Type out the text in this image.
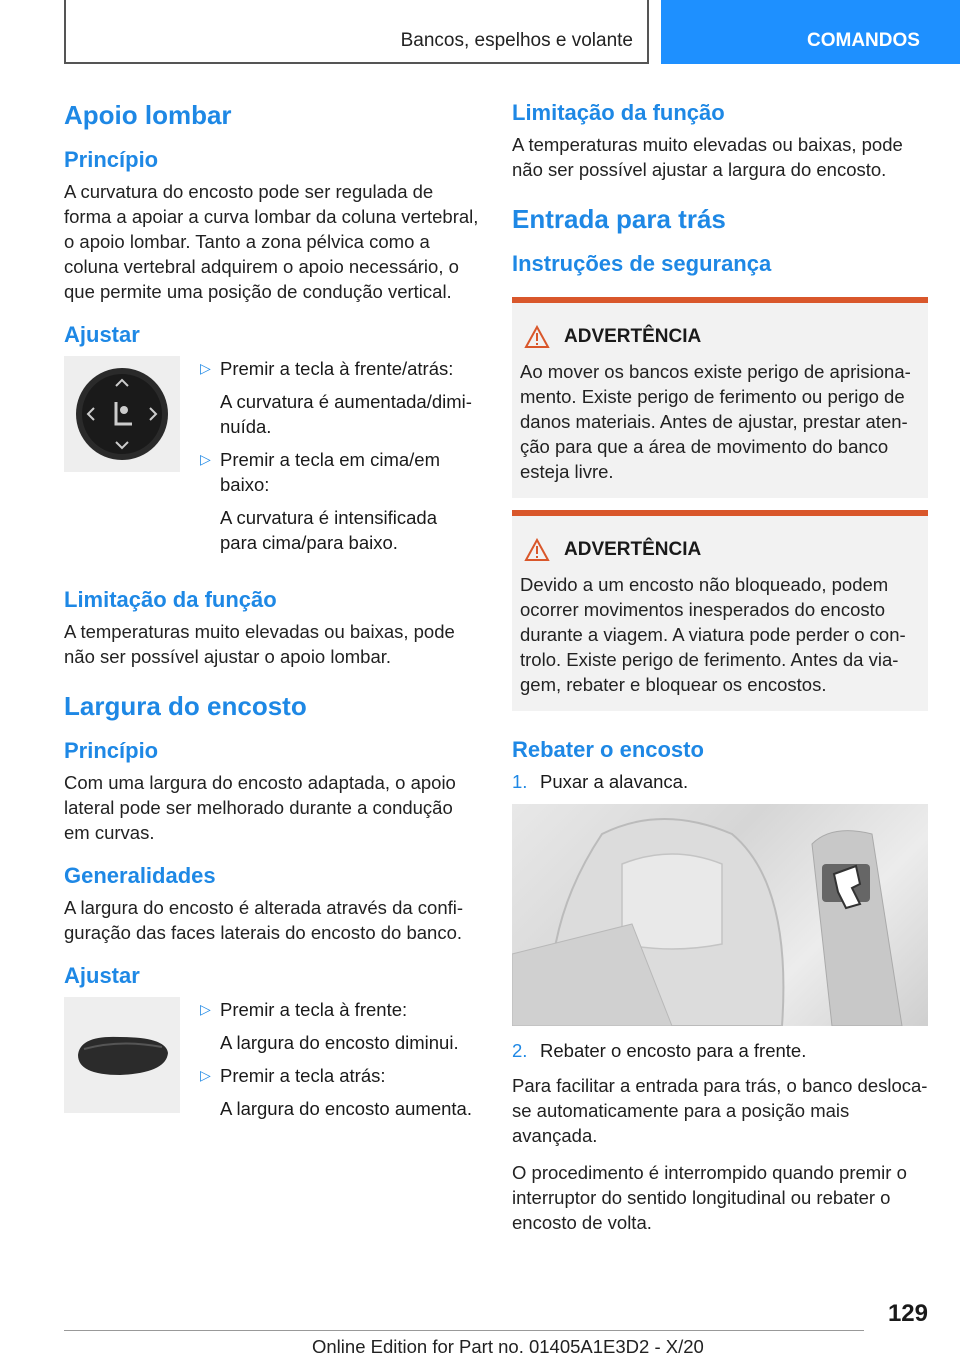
Bancos, espelhos e volante	COMANDOS
Apoio lombar
Princípio

A curvatura do encosto pode ser regulada de forma a apoiar a curva lombar da coluna vertebral, o apoio lombar. Tanto a zona pélvica como a coluna vertebral adquirem o apoio necessário, o que permite uma posição de condução vertical.

Ajustar
▷ Premir a tecla à frente/atrás:
A curvatura é aumentada/diminuída.
▷ Premir a tecla em cima/em baixo:
A curvatura é intensificada para cima/para baixo.
Limitação da função

A temperaturas muito elevadas ou baixas, pode não ser possível ajustar o apoio lombar.

Largura do encosto
Princípio

Com uma largura do encosto adaptada, o apoio lateral pode ser melhorado durante a condução em curvas.

Generalidades

A largura do encosto é alterada através da configuração das faces laterais do encosto do banco.

Ajustar
▷ Premir a tecla à frente:
A largura do encosto diminui.
▷ Premir a tecla atrás:
A largura do encosto aumenta.
Limitação da função

A temperaturas muito elevadas ou baixas, pode não ser possível ajustar a largura do encosto.

Entrada para trás
Instruções de segurança
ADVERTÊNCIA

Ao mover os bancos existe perigo de aprisionamento. Existe perigo de ferimento ou perigo de danos materiais. Antes de ajustar, prestar atenção para que a área de movimento do banco esteja livre.

ADVERTÊNCIA

Devido a um encosto não bloqueado, podem ocorrer movimentos inesperados do encosto durante a viagem. A viatura pode perder o controlo. Existe perigo de ferimento. Antes da viagem, rebater e bloquear os encostos.

Rebater o encosto
1. Puxar a alavanca.
2. Rebater o encosto para a frente.

Para facilitar a entrada para trás, o banco desloca-se automaticamente para a posição mais avançada.

O procedimento é interrompido quando premir o interruptor do sentido longitudinal ou rebater o encosto de volta.

129
Online Edition for Part no. 01405A1E3D2 - X/20
